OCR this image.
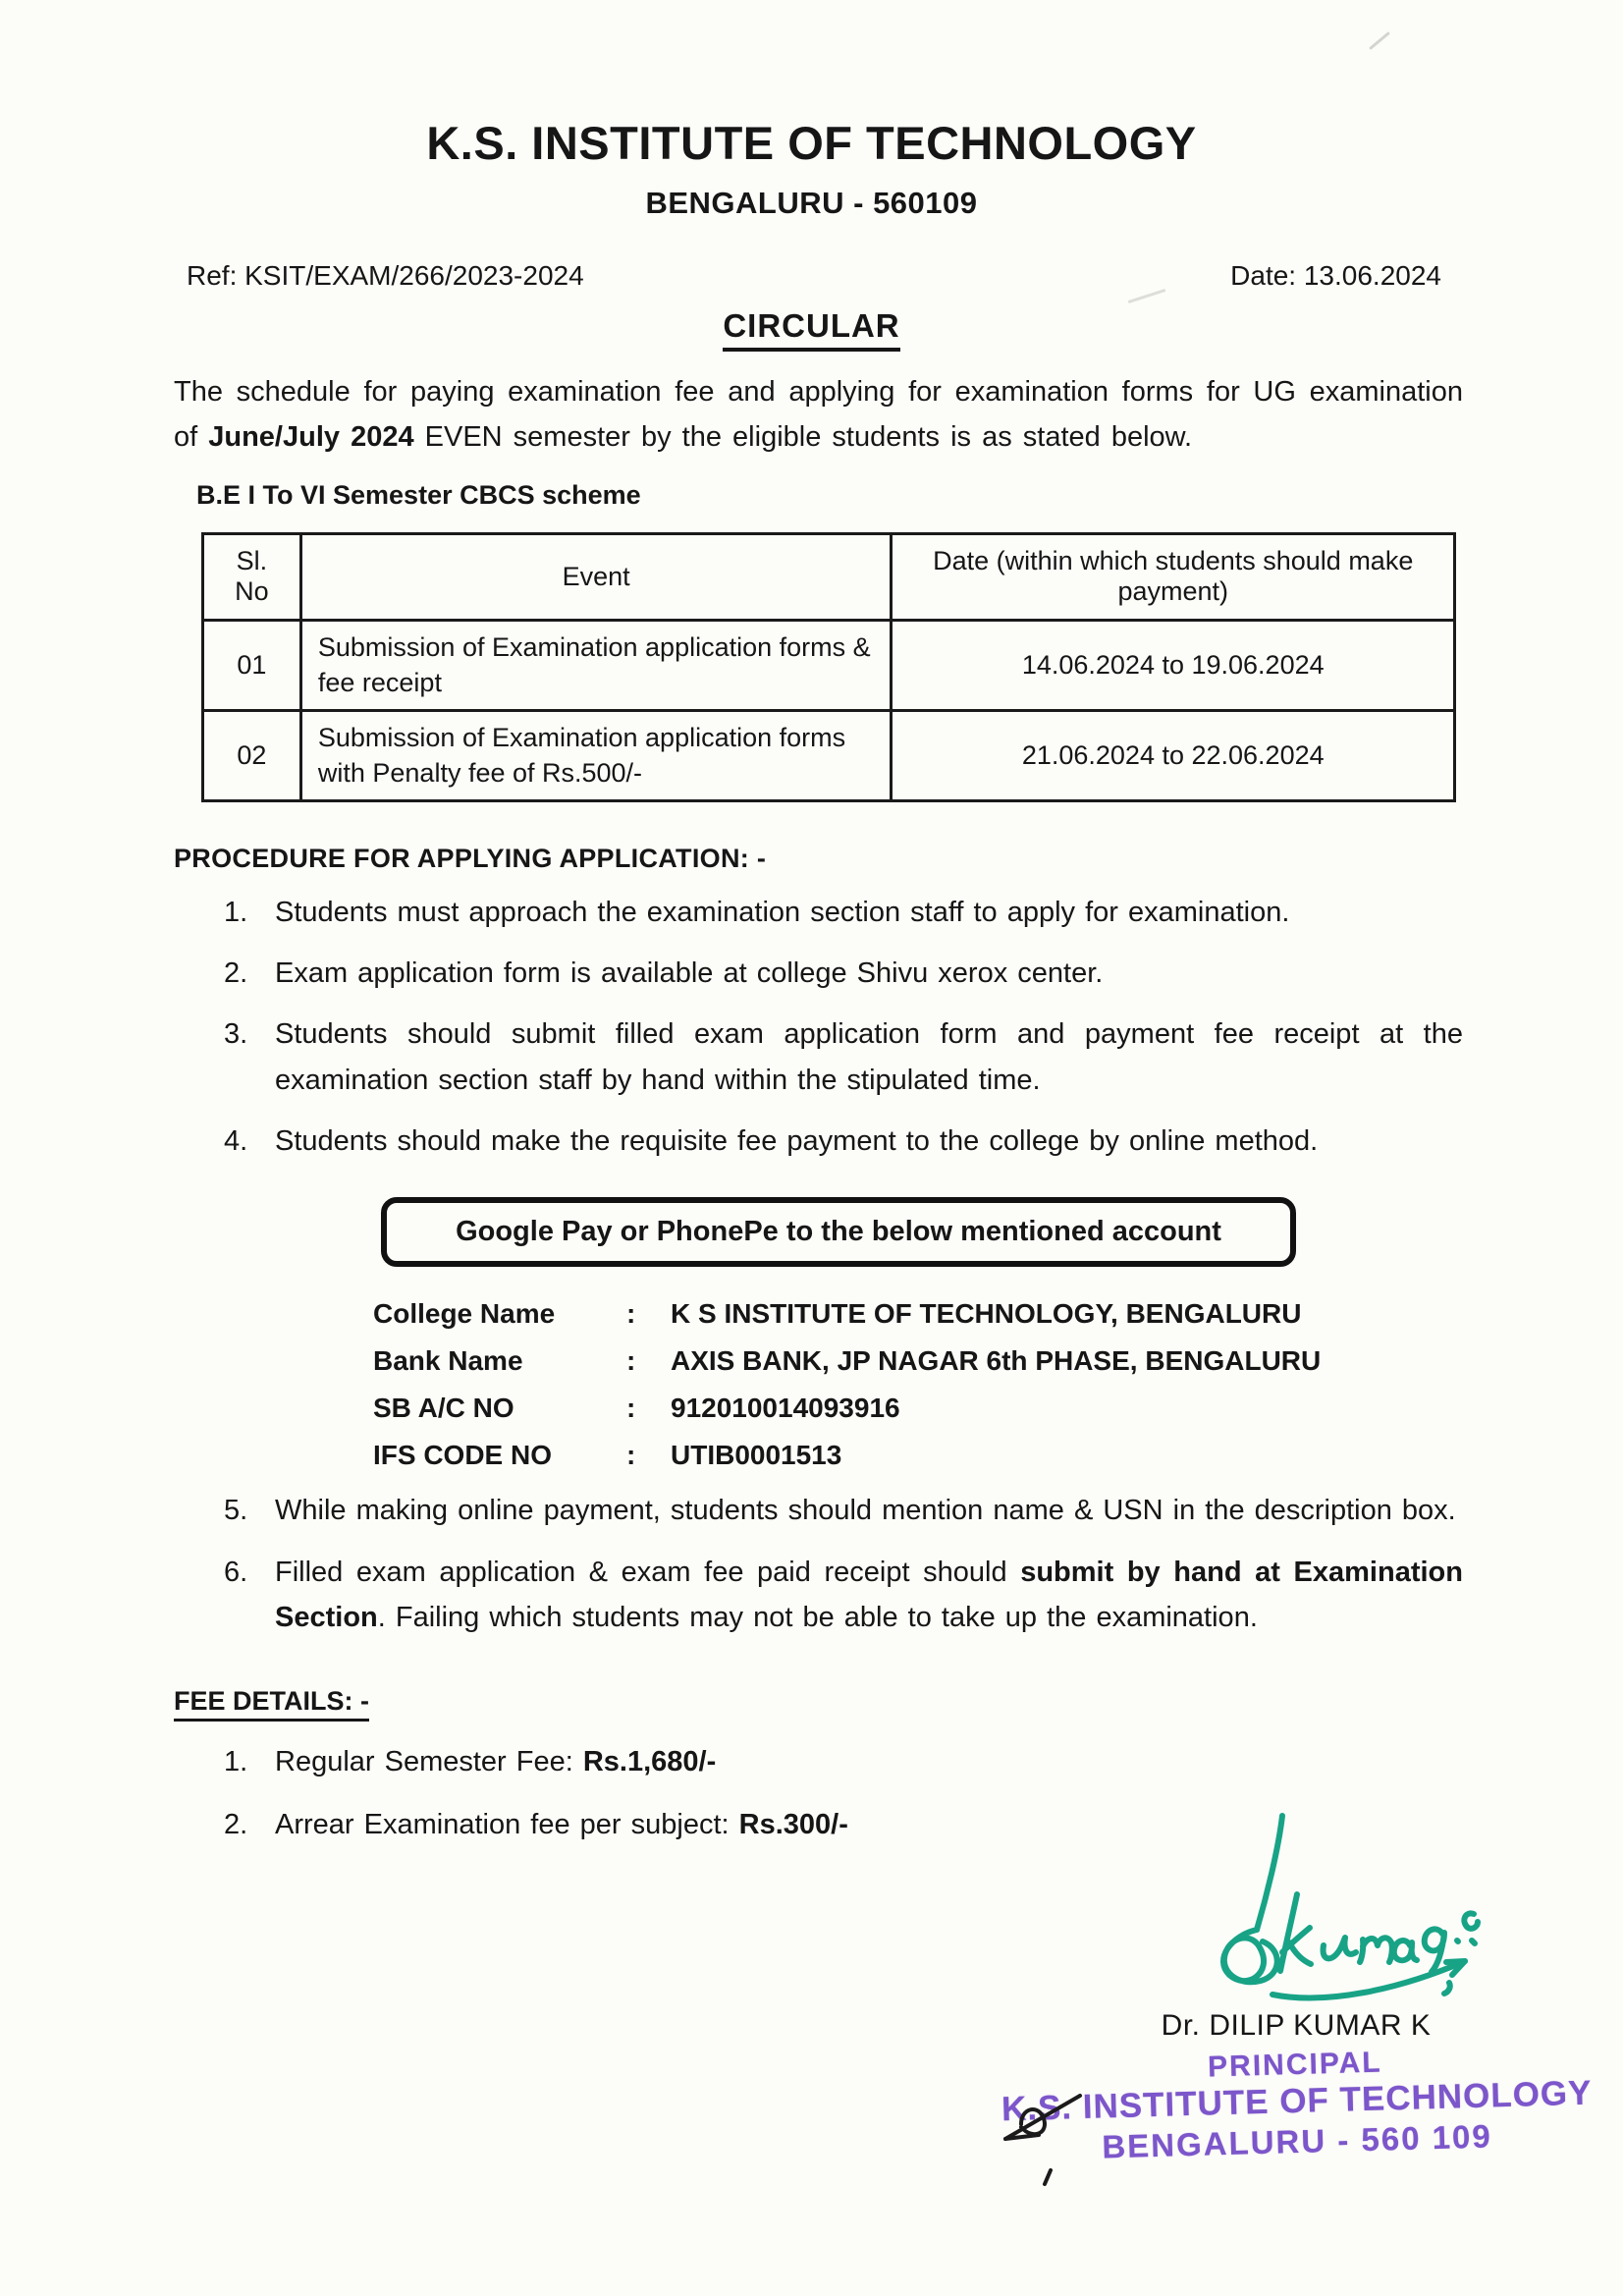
K.S. INSTITUTE OF TECHNOLOGY
BENGALURU - 560109
Ref: KSIT/EXAM/266/2023-2024	Date: 13.06.2024
CIRCULAR

The schedule for paying examination fee and applying for examination forms for UG examination of June/July 2024 EVEN semester by the eligible students is as stated below.

B.E I To VI Semester CBCS scheme
Sl. No	Event	Date (within which students should make payment)
01	Submission of Examination application forms & fee receipt	14.06.2024 to 19.06.2024
02	Submission of Examination application forms with Penalty fee of Rs.500/-	21.06.2024 to 22.06.2024
PROCEDURE FOR APPLYING APPLICATION: -
1. Students must approach the examination section staff to apply for examination.
2. Exam application form is available at college Shivu xerox center.
3. Students should submit filled exam application form and payment fee receipt at the examination section staff by hand within the stipulated time.
4. Students should make the requisite fee payment to the college by online method.
Google Pay or PhonePe to the below mentioned account
College Name	:	K S INSTITUTE OF TECHNOLOGY, BENGALURU
Bank Name	:	AXIS BANK, JP NAGAR 6th PHASE, BENGALURU
SB A/C NO	:	912010014093916
IFS CODE NO	:	UTIB0001513
5. While making online payment, students should mention name & USN in the description box.
6. Filled exam application & exam fee paid receipt should submit by hand at Examination Section. Failing which students may not be able to take up the examination.
FEE DETAILS: -
1. Regular Semester Fee: Rs.1,680/-
2. Arrear Examination fee per subject: Rs.300/-
Dr. DILIP KUMAR K
PRINCIPAL
K.S. INSTITUTE OF TECHNOLOGY
BENGALURU - 560 109
